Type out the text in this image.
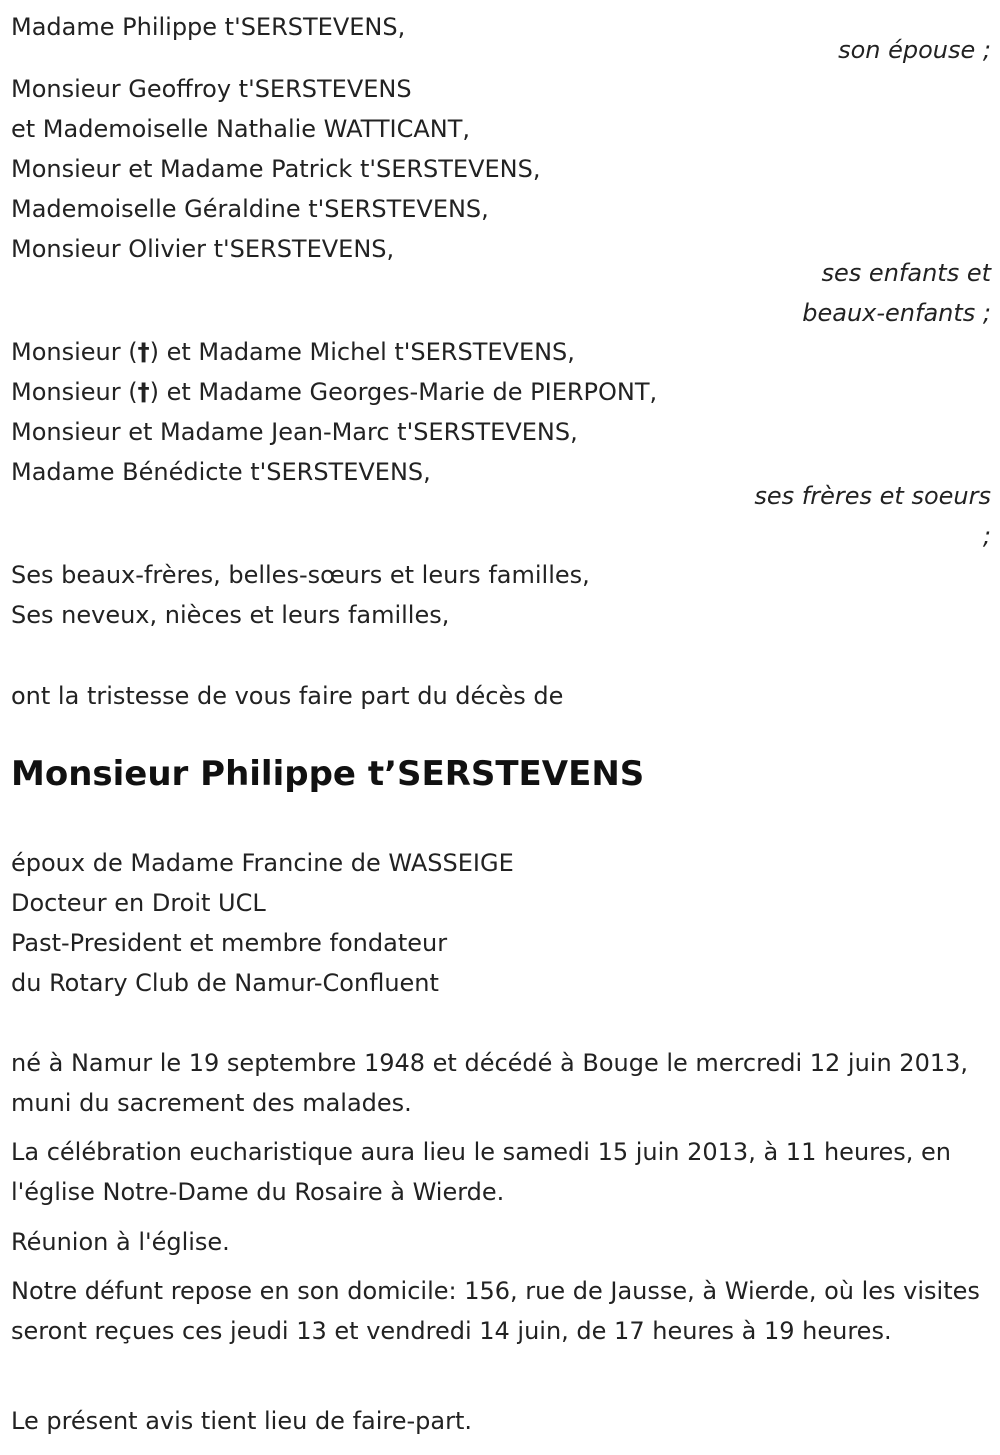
Madame Philippe t'SERSTEVENS,
son épouse ;
Monsieur Geoffroy t'SERSTEVENS
et Mademoiselle Nathalie WATTICANT,
Monsieur et Madame Patrick t'SERSTEVENS,
Mademoiselle Géraldine t'SERSTEVENS,
Monsieur Olivier t'SERSTEVENS,
ses enfants et
beaux-enfants ;
Monsieur (†) et Madame Michel t'SERSTEVENS,
Monsieur (†) et Madame Georges-Marie de PIERPONT,
Monsieur et Madame Jean-Marc t'SERSTEVENS,
Madame Bénédicte t'SERSTEVENS,
ses frères et soeurs
;
Ses beaux-frères, belles-sœurs et leurs familles,
Ses neveux, nièces et leurs familles,
ont la tristesse de vous faire part du décès de
Monsieur Philippe t’SERSTEVENS
époux de Madame Francine de WASSEIGE
Docteur en Droit UCL
Past-President et membre fondateur
du Rotary Club de Namur-Confluent

né à Namur le 19 septembre 1948 et décédé à Bouge le mercredi 12 juin 2013, muni du sacrement des malades.

La célébration eucharistique aura lieu le samedi 15 juin 2013, à 11 heures, en l'église Notre-Dame du Rosaire à Wierde.

Réunion à l'église.

Notre défunt repose en son domicile: 156, rue de Jausse, à Wierde, où les visites seront reçues ces jeudi 13 et vendredi 14 juin, de 17 heures à 19 heures.

Le présent avis tient lieu de faire-part.
